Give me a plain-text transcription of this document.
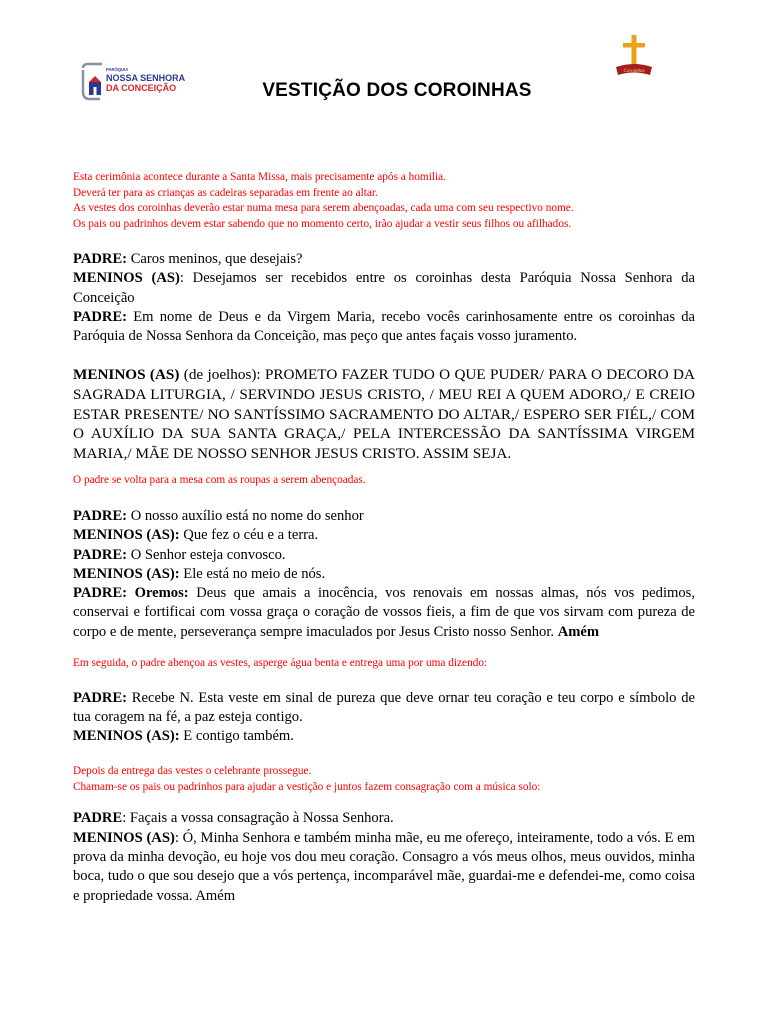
PARÓQUIA
NOSSA SENHORA
DA CONCEIÇÃO
Coroinhas
VESTIÇÃO DOS COROINHAS

Esta cerimônia acontece durante a Santa Missa, mais precisamente após a homilia.

Deverá ter para as crianças as cadeiras separadas em frente ao altar.

As vestes dos coroinhas deverão estar numa mesa para serem abençoadas, cada uma com seu respectivo nome.

Os pais ou padrinhos devem estar sabendo que no momento certo, irão ajudar a vestir seus filhos ou afilhados.

PADRE: Caros meninos, que desejais?

MENINOS (AS): Desejamos ser recebidos entre os coroinhas desta Paróquia Nossa Senhora da Conceição

PADRE: Em nome de Deus e da Virgem Maria, recebo vocês carinhosamente entre os coroinhas da Paróquia de Nossa Senhora da Conceição, mas peço que antes façais vosso juramento.

MENINOS (AS) (de joelhos): PROMETO FAZER TUDO O QUE PUDER/ PARA O DECORO DA SAGRADA LITURGIA, / SERVINDO JESUS CRISTO, / MEU REI A QUEM ADORO,/ E CREIO ESTAR PRESENTE/ NO SANTÍSSIMO SACRAMENTO DO ALTAR,/ ESPERO SER FIÉL,/ COM O AUXÍLIO DA SUA SANTA GRAÇA,/ PELA INTERCESSÃO DA SANTÍSSIMA VIRGEM MARIA,/ MÃE DE NOSSO SENHOR JESUS CRISTO. ASSIM SEJA.

O padre se volta para a mesa com as roupas a serem abençoadas.

PADRE: O nosso auxílio está no nome do senhor

MENINOS (AS): Que fez o céu e a terra.

PADRE: O Senhor esteja convosco.

MENINOS (AS): Ele está no meio de nós.

PADRE: Oremos: Deus que amais a inocência, vos renovais em nossas almas, nós vos pedimos, conservai e fortificai com vossa graça o coração de vossos fieis, a fim de que vos sirvam com pureza de corpo e de mente, perseverança sempre imaculados por Jesus Cristo nosso Senhor. Amém

Em seguida, o padre abençoa as vestes, asperge água benta e entrega uma por uma dizendo:

PADRE: Recebe N. Esta veste em sinal de pureza que deve ornar teu coração e teu corpo e símbolo de tua coragem na fé, a paz esteja contigo.

MENINOS (AS): E contigo também.

Depois da entrega das vestes o celebrante prossegue.

Chamam-se os pais ou padrinhos para ajudar a vestição e juntos fazem consagração com a música solo:

PADRE: Façais a vossa consagração à Nossa Senhora.

MENINOS (AS): Ó, Minha Senhora e também minha mãe, eu me ofereço, inteiramente, todo a vós. E em prova da minha devoção, eu hoje vos dou meu coração. Consagro a vós meus olhos, meus ouvidos, minha boca, tudo o que sou desejo que a vós pertença, incomparável mãe, guardai-me e defendei-me, como coisa e propriedade vossa. Amém
